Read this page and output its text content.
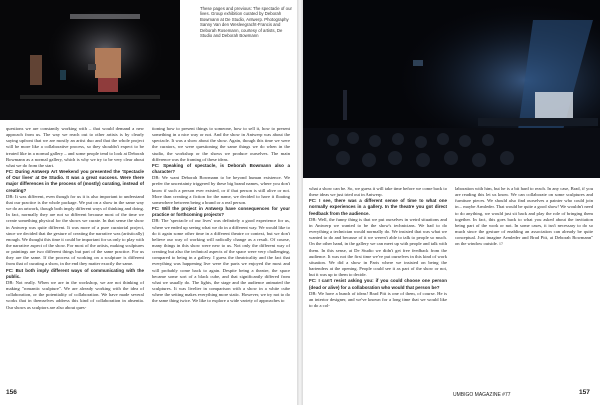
These pages and previous: The spectacle of our lives. Group exhibition curated by Deborah Bowmann at De Studio, Antwerp. Photography Sanny Van den Wesleegracht-Francis and Deborah Rosemann, courtesy of artists, De Studio and Deborah Bowmann

questions we are constantly working with – that would demand a new approach from us. The way we reach out to other artists is by clearly saying upfront that we are mostly an artist duo and that the whole project will be more like a collaborative process, so they shouldn't expect to be treated like in a normal gallery – and some people tend to look at Deborah Bowmann as a normal gallery, which is why we try to be very clear about what we do from the start.

FC: During Antwerp Art Weekend you presented the 'Spectacle of Our lives' at De Studio. It was a great success. Were there major differences in the process of (mostly) curating, instead of creating?

DB: It was different, even though for us it is also important to understand that our practice is the whole package. We put on a show in the same way we do an artwork, though both imply different ways of thinking and doing. In fact, normally they are not so different because most of the time we create something physical for the shows we curate. In that sense the show in Antwerp was quite different. It was more of a pure curatorial project, since we decided that the gesture of creating the narrative was (artistically) enough. We thought this time it could be important for us only to play with the narrative aspect of the show. For most of the artists, making sculptures or paintings are two different things but part of the same practice. For us they are the same. If the process of working on a sculpture is different from that of curating a show, in the end they matter exactly the same.

FC: But both imply different ways of communicating with the public.

DB: Not really. When we are in the workshop, we are not thinking of making "romantic sculpture". We are already working with the idea of collaboration, or the potentiality of collaboration. We have made several works that in themselves address this kind of collaboration in absentia. Our shows as sculptors are also about ques-

tioning how to present things to someone, how to sell it, how to present something in a nice way or not. And the show in Antwerp was about the spectacle. It was a show about the show. Again, though this time we were the curators, we were questioning the same things we do when in the studio, the workshop or the shows we produce ourselves. The main difference was the framing of these ideas.

FC: Speaking of spectacle, is Deborah Bowmann also a character?

DB: We want Deborah Bowmann to be beyond human existence. We prefer the uncertainty triggered by these big brand names, where you don't know if such a person ever existed, or if that person is still alive or not. More than creating a fiction for the name, we decided to have it floating somewhere between being a brand or a real person.

FC: Will the project in Antwerp have consequences for your practice or forthcoming projects?

DB: The 'spectacle of our lives' was definitely a good experience for us, where we ended up seeing what we do in a different way. We would like to do it again some other time in a different theatre or context, but we don't believe our way of working will radically change as a result. Of course, many things in this show were new to us. Not only the different way of creating but also the technical aspects of the space were very challenging, compared to being in a gallery. I guess the theatricality and the fact that everything was happening live were the parts we enjoyed the most and will probably come back to again. Despite being a theatre, the space became some sort of a black cube, and that significantly differed from what we usually do. The lights, the stage and the audience animated the sculptures. It was livelier in comparison with a show in a white cube where the setting makes everything more static. However, we try not to do the same thing twice. We like to explore a wide variety of approaches to

156

what a show can be. So, we guess it will take time before we come back to these ideas we just tried out in Antwerp.

FC: I see, there was a different sense of time to what one normally experiences in a gallery. In the theatre you got direct feedback from the audience.

DB: Well, the funny thing is that we put ourselves in weird situations and in Antwerp we wanted to be the show's technicians. We had to do everything a technician would normally do. We insisted that was what we wanted to do and because of it we weren't able to talk to people so much. On the other hand, in the gallery we can meet up with people and talk with them. In this sense, at De Studio we didn't get free feedback from the audience. It was not the first time we've put ourselves in this kind of work situation. We did a show in Paris where we insisted on being the bartenders at the opening. People could see it as part of the show or not, but it was up to them to decide.

FC: I can't resist asking you: if you could choose one person (dead or alive) for a collaboration who would that person be?

DB: We have a bunch of ideas! Brad Pitt is one of them, of course. He is an interior designer, and we've known for a long time that we would like to do a col-

laboration with him, but he is a bit hard to reach. In any case, Brad, if you are reading this let us know. We can collaborate on some sculptures and furniture pieces. We should also find ourselves a painter who could join in... maybe Armleder. That would be quite a good show! We wouldn't need to do anything, we would just sit back and play the role of bringing them together. In fact, this goes back to what you asked about the invitation being part of the work or not. In some cases, it isn't necessary to do so much since the gesture of enabling an association can already be quite conceptual. Just imagine Armleder and Brad Pitt, at Deborah Bowmann" on the window outside. ///

UMBIGO MAGAZINE #77	157
